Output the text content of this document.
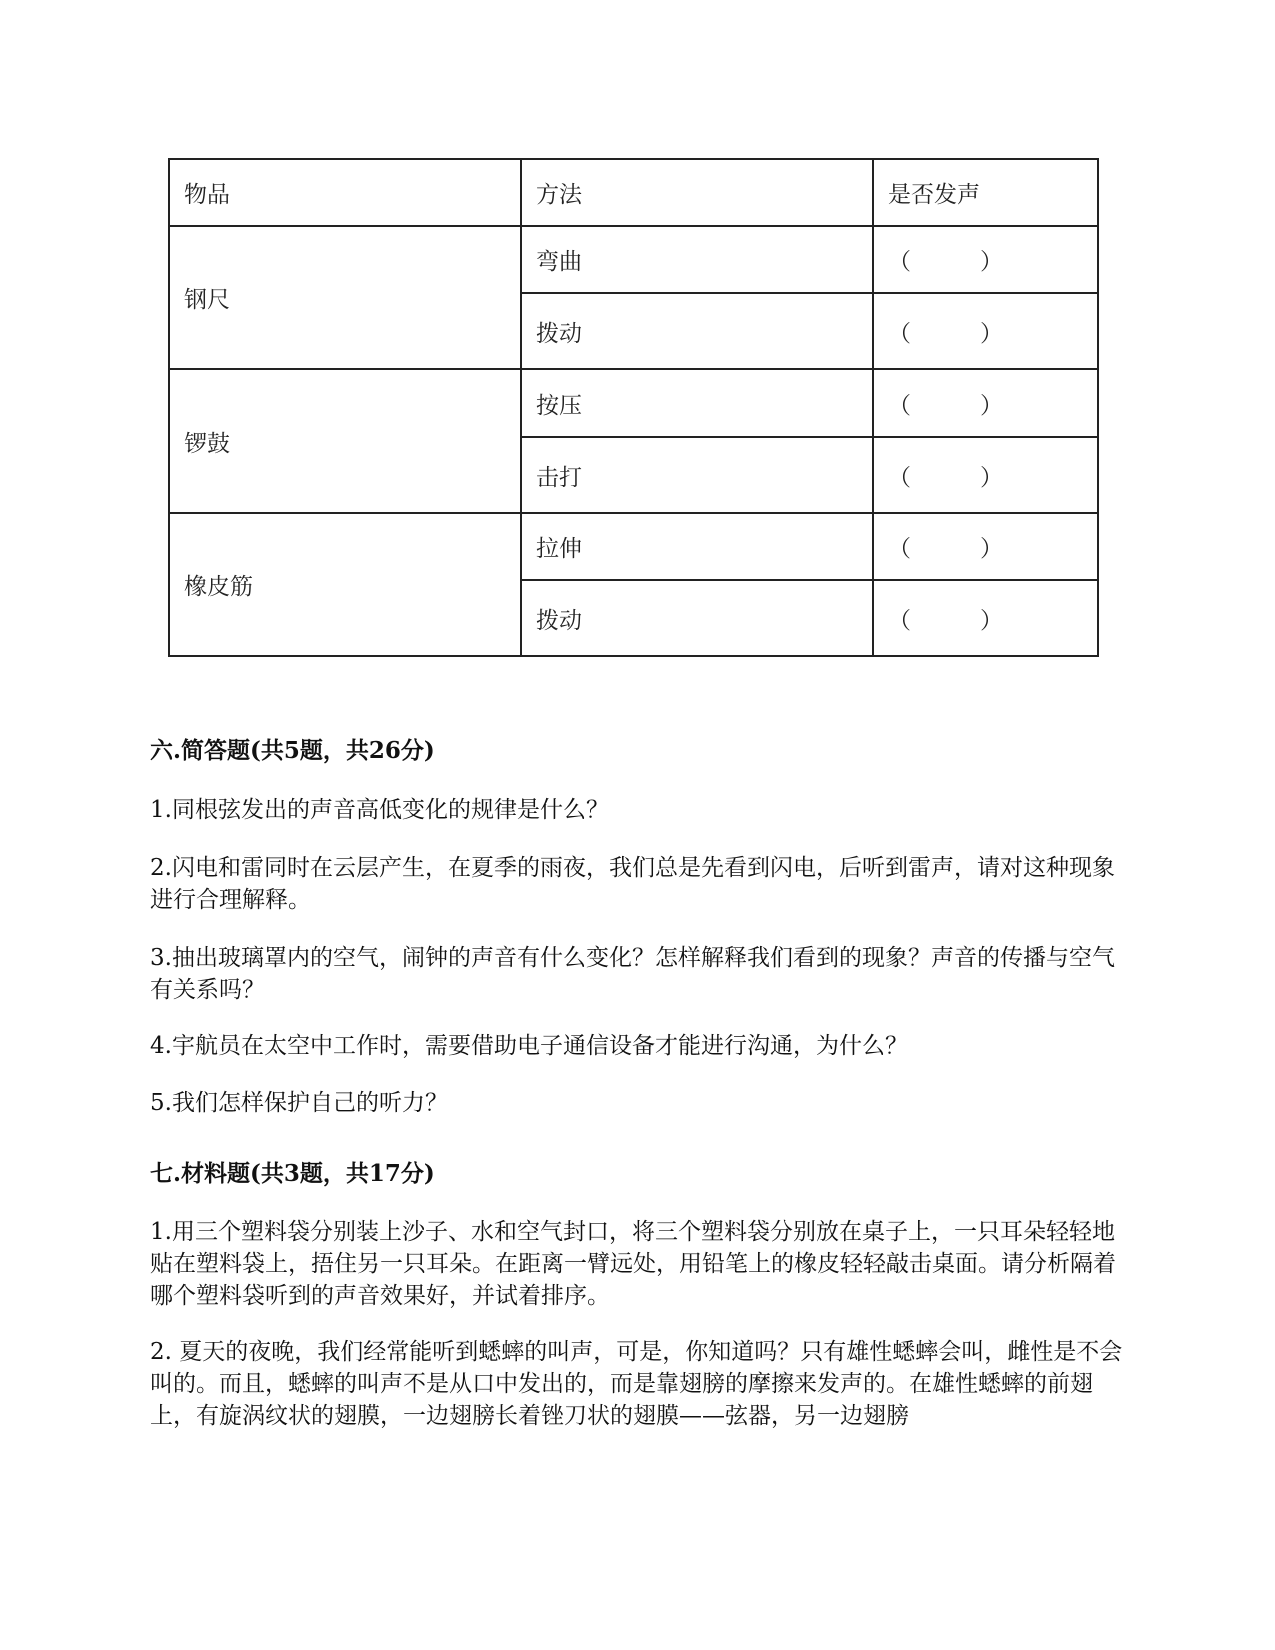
物品	方法	是否发声
钢尺	弯曲	（ ）
	拨动	（ ）
锣鼓	按压	（ ）
	击打	（ ）
橡皮筋	拉伸	（ ）
	拨动	（ ）
六.简答题(共5题，共26分)

1.同根弦发出的声音高低变化的规律是什么？

2.闪电和雷同时在云层产生，在夏季的雨夜，我们总是先看到闪电，后听到雷声，请对这种现象进行合理解释。

3.抽出玻璃罩内的空气，闹钟的声音有什么变化？怎样解释我们看到的现象？声音的传播与空气有关系吗？

4.宇航员在太空中工作时，需要借助电子通信设备才能进行沟通，为什么？

5.我们怎样保护自己的听力？

七.材料题(共3题，共17分)

1.用三个塑料袋分别装上沙子、水和空气封口，将三个塑料袋分别放在桌子上，一只耳朵轻轻地贴在塑料袋上，捂住另一只耳朵。在距离一臂远处，用铅笔上的橡皮轻轻敲击桌面。请分析隔着哪个塑料袋听到的声音效果好，并试着排序。

2. 夏天的夜晚，我们经常能听到蟋蟀的叫声，可是，你知道吗？只有雄性蟋蟀会叫，雌性是不会叫的。而且，蟋蟀的叫声不是从口中发出的，而是靠翅膀的摩擦来发声的。在雄性蟋蟀的前翅上，有旋涡纹状的翅膜，一边翅膀长着锉刀状的翅膜——弦器，另一边翅膀
